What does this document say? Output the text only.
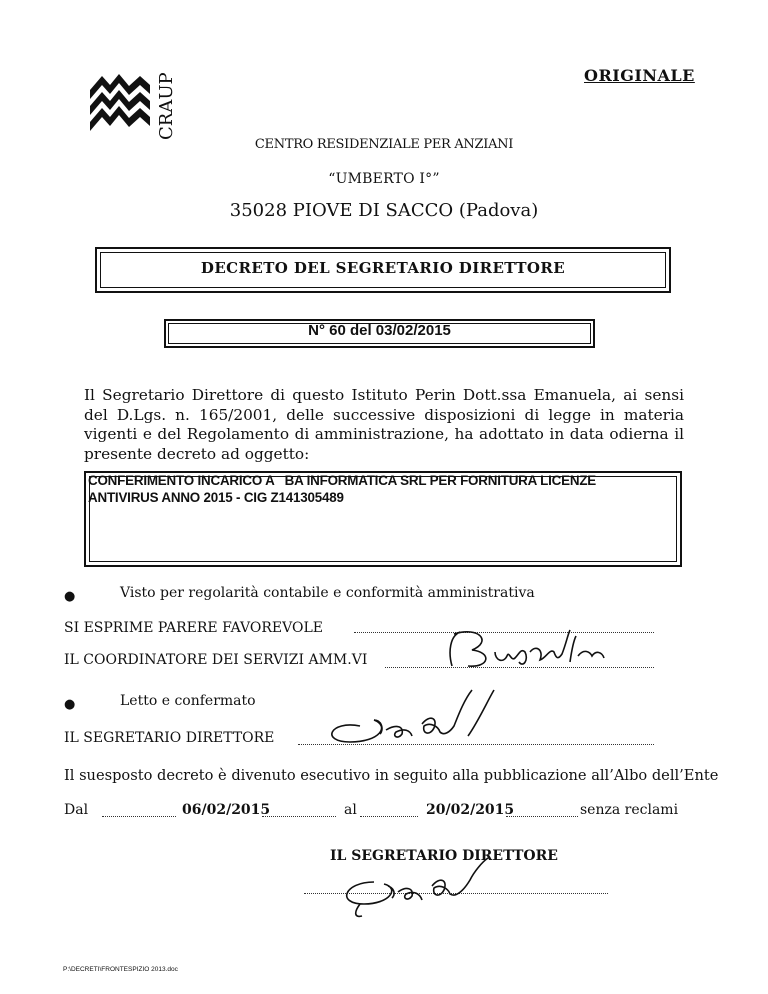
CRAUP	ORIGINALE
CENTRO RESIDENZIALE PER ANZIANI
“UMBERTO I°”
35028 PIOVE DI SACCO (Padova)
DECRETO DEL SEGRETARIO DIRETTORE
N° 60 del 03/02/2015
Il Segretario Direttore di questo Istituto Perin Dott.ssa Emanuela, ai sensi del D.Lgs. n. 165/2001, delle successive disposizioni di legge in materia vigenti e del Regolamento di amministrazione, ha adottato in data odierna il presente decreto ad oggetto:
CONFERIMENTO INCARICO A   BA INFORMATICA SRL PER FORNITURA LICENZE
ANTIVIRUS ANNO 2015 - CIG Z141305489
●	Visto per regolarità contabile e conformità amministrativa
SI ESPRIME PARERE FAVOREVOLE
IL COORDINATORE DEI SERVIZI AMM.VI
●	Letto e confermato
IL SEGRETARIO DIRETTORE
Il suesposto decreto è divenuto esecutivo in seguito alla pubblicazione all’Albo dell’Ente
Dal	06/02/2015	al	20/02/2015	senza reclami
IL SEGRETARIO DIRETTORE
P:\DECRETI\FRONTESPIZIO 2013.doc
